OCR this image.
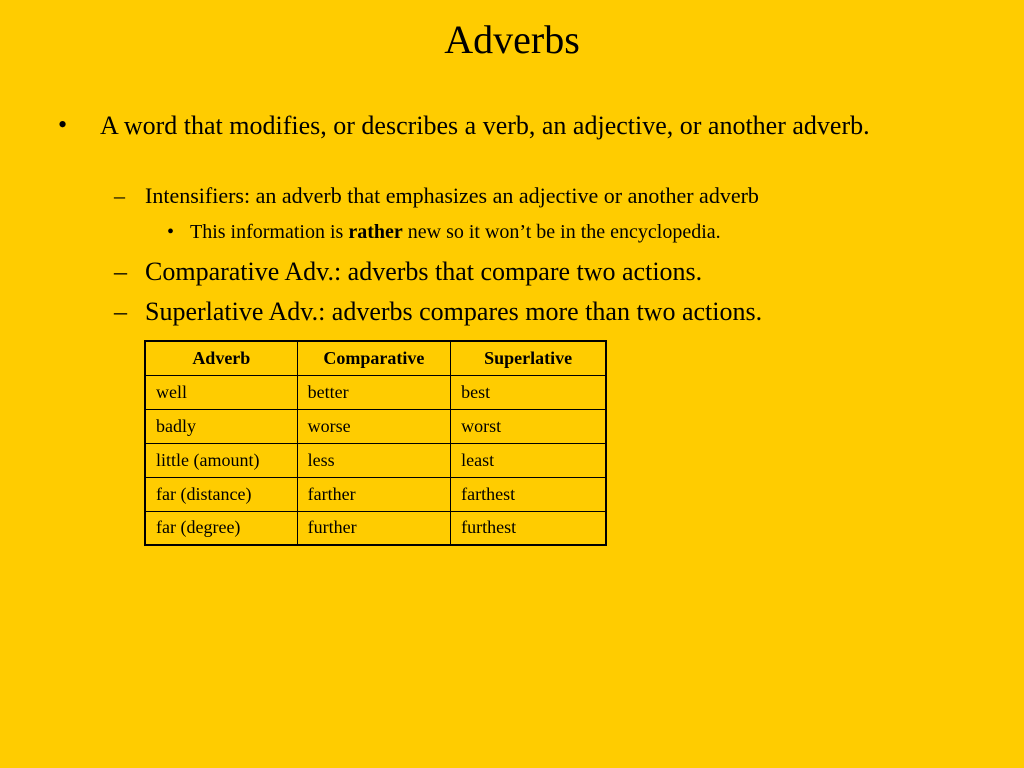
Adverbs
• A word that modifies, or describes a verb, an adjective, or another adverb.
– Intensifiers: an adverb that emphasizes an adjective or another adverb
• This information is rather new so it won’t be in the encyclopedia.
– Comparative Adv.: adverbs that compare two actions.
– Superlative Adv.: adverbs compares more than two actions.
Adverb	Comparative	Superlative
well	better	best
badly	worse	worst
little (amount)	less	least
far (distance)	farther	farthest
far (degree)	further	furthest
